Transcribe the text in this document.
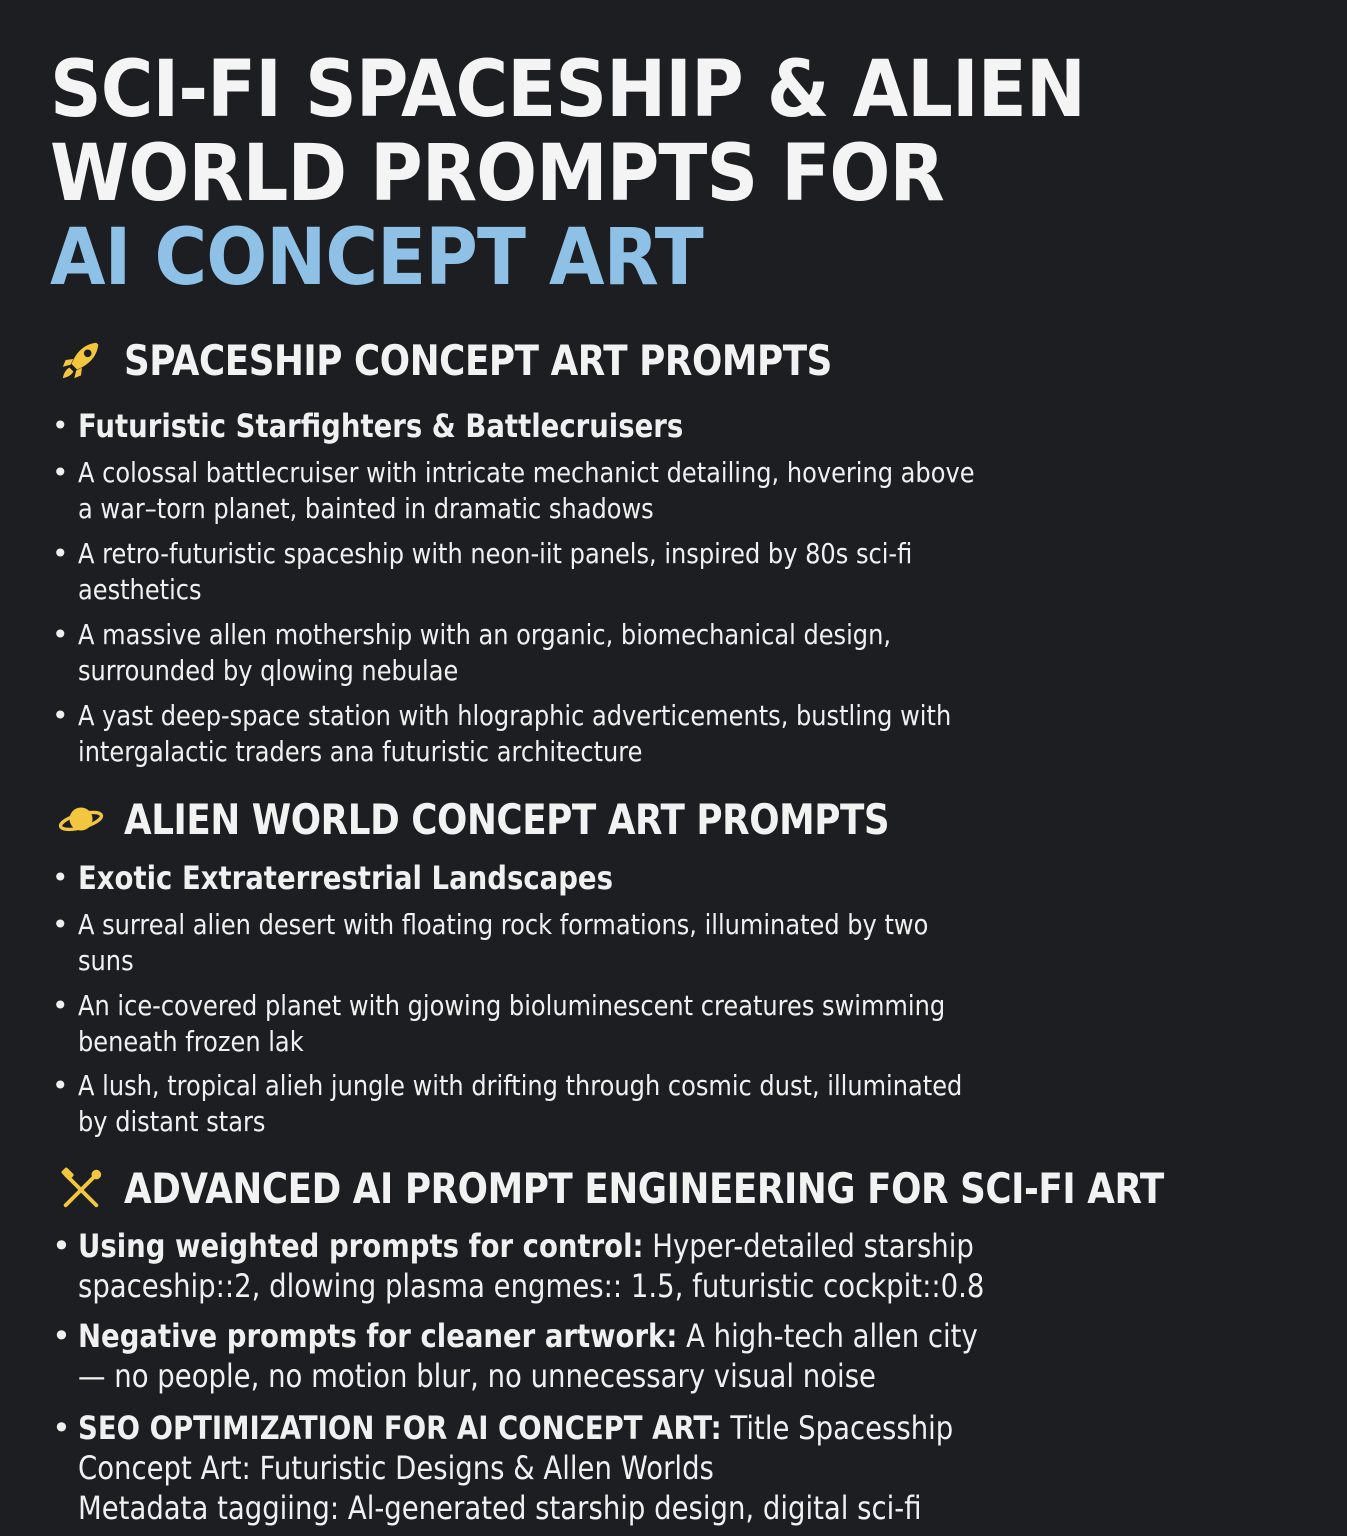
SCI-FI SPACESHIP & ALIEN
WORLD PROMPTS FOR
AI CONCEPT ART
SPACESHIP CONCEPT ART PROMPTS
• Futuristic Starfighters & Battlecruisers
• A colossal battlecruiser with intricate mechanict detailing, hovering above a war–torn planet, bainted in dramatic shadows
• A retro-futuristic spaceship with neon-iit panels, inspired by 80s sci-fi aesthetics
• A massive allen mothership with an organic, biomechanical design, surrounded by qlowing nebulae
• A yast deep-space station with hlographic adverticements, bustling with intergalactic traders ana futuristic architecture
ALIEN WORLD CONCEPT ART PROMPTS
• Exotic Extraterrestrial Landscapes
• A surreal alien desert with floating rock formations, illuminated by two suns
• An ice-covered planet with gjowing bioluminescent creatures swimming beneath frozen lak
• A lush, tropical alieh jungle with drifting through cosmic dust, illuminated by distant stars
ADVANCED AI PROMPT ENGINEERING FOR SCI-FI ART
• Using weighted prompts for control: Hyper-detailed starship spaceship::2, dlowing plasma engmes:: 1.5, futuristic cockpit::0.8
• Negative prompts for cleaner artwork: A high-tech allen city — no people, no motion blur, no unnecessary visual noise
• SEO OPTIMIZATION FOR AI CONCEPT ART: Title Spacesship Concept Art: Futuristic Designs & Allen Worlds
Metadata taggiing: Al-generated starship design, digital sci-fi
